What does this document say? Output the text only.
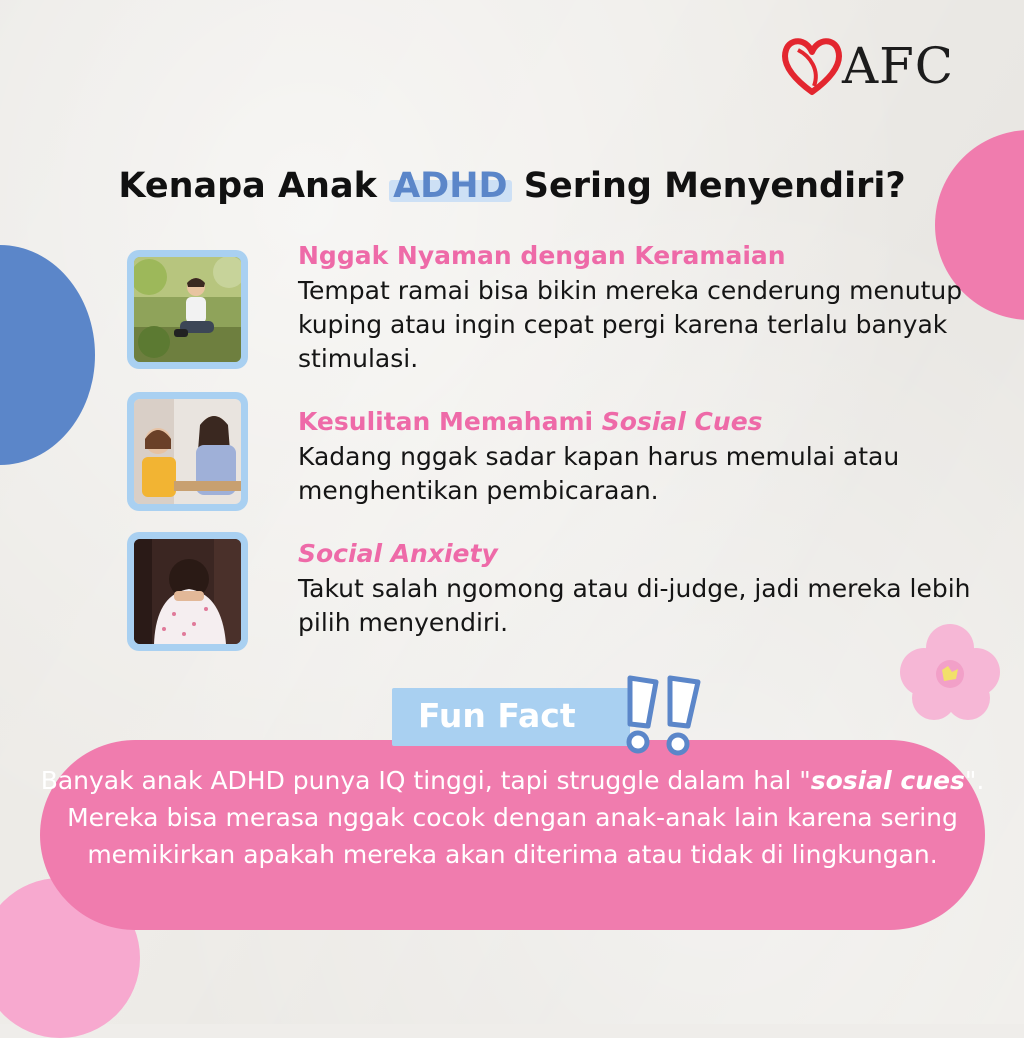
AFC
Kenapa Anak ADHD Sering Menyendiri?
Nggak Nyaman dengan Keramaian
Tempat ramai bisa bikin mereka cenderung menutup kuping atau ingin cepat pergi karena terlalu banyak stimulasi.
Kesulitan Memahami Sosial Cues
Kadang nggak sadar kapan harus memulai atau menghentikan pembicaraan.
Social Anxiety
Takut salah ngomong atau di-judge, jadi mereka lebih pilih menyendiri.
Fun Fact
Banyak anak ADHD punya IQ tinggi, tapi struggle dalam hal "sosial cues". Mereka bisa merasa nggak cocok dengan anak-anak lain karena sering memikirkan apakah mereka akan diterima atau tidak di lingkungan.
